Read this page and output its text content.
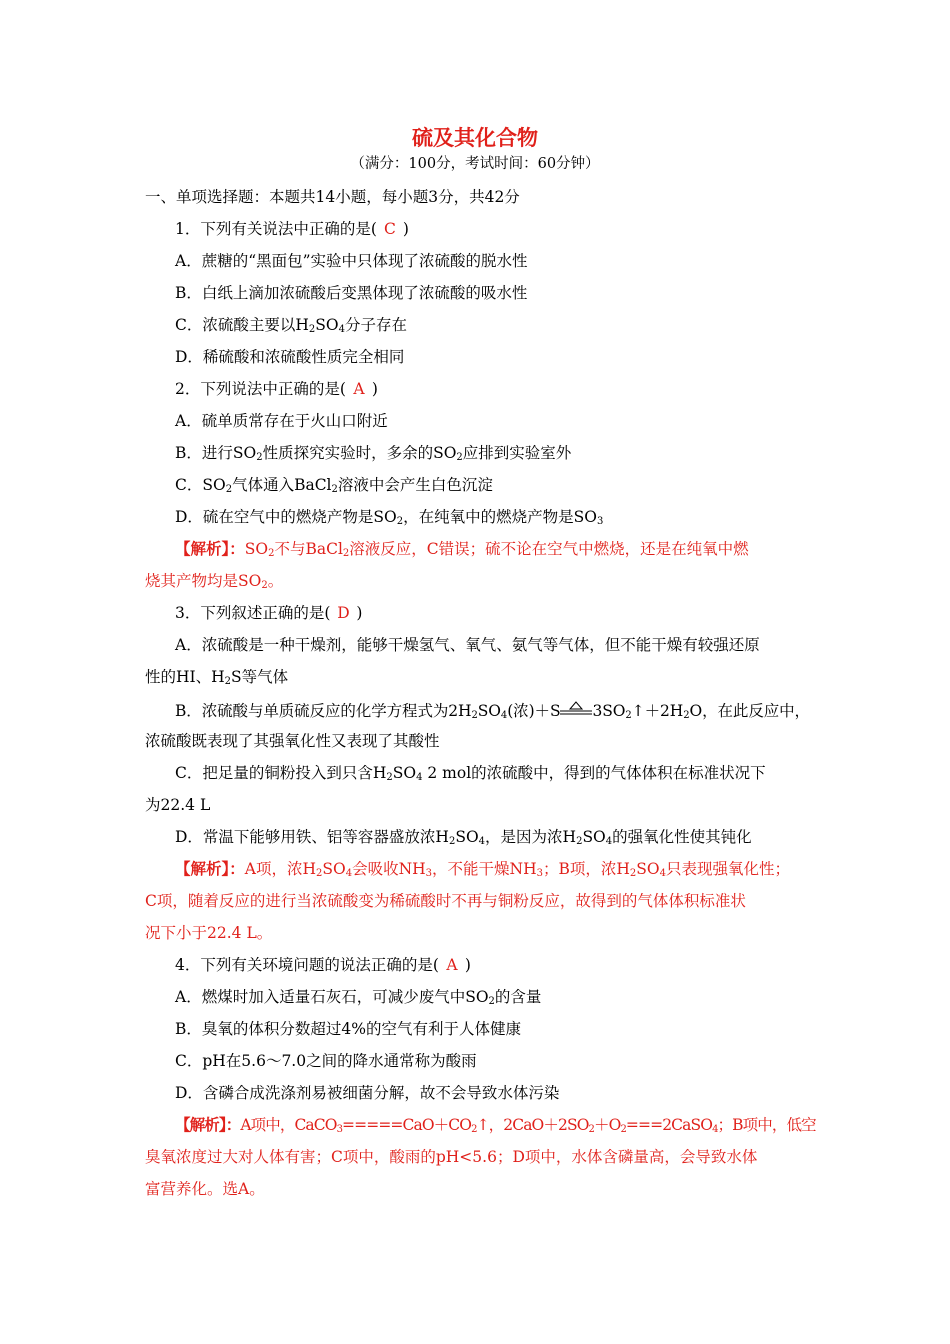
硫及其化合物
（满分：100分，考试时间：60分钟）
一、单项选择题：本题共14小题，每小题3分，共42分
1．下列有关说法中正确的是( C )
A．蔗糖的“黑面包”实验中只体现了浓硫酸的脱水性
B．白纸上滴加浓硫酸后变黑体现了浓硫酸的吸水性
C．浓硫酸主要以$H_2SO_4$分子存在
D．稀硫酸和浓硫酸性质完全相同
2．下列说法中正确的是( A )
A．硫单质常存在于火山口附近
B．进行$SO_2$性质探究实验时，多余的$SO_2$应排到实验室外
C．$SO_2$气体通入BaCl$_2$溶液中会产生白色沉淀
D．硫在空气中的燃烧产物是$SO_2$，在纯氧中的燃烧产物是$SO_3$
【解析】：$SO_2$不与BaCl$_2$溶液反应，C错误；硫不论在空气中燃烧，还是在纯氧中燃
烧其产物均是$SO_2$。
3．下列叙述正确的是( D )
A．浓硫酸是一种干燥剂，能够干燥氢气、氧气、氨气等气体，但不能干燥有较强还原
性的HI、$H_2S$等气体
B．浓硫酸与单质硫反应的化学方程式为$2H_2SO_4$(浓)＋S $3SO_2↑+2H_2O$，在此反应中，
浓硫酸既表现了其强氧化性又表现了其酸性
C．把足量的铜粉投入到只含$H_2SO_4$ 2 mol的浓硫酸中，得到的气体体积在标准状况下
为22.4 L
D．常温下能够用铁、铝等容器盛放浓$H_2SO_4$，是因为浓$H_2SO_4$的强氧化性使其钝化
【解析】：A项，浓$H_2SO_4$会吸收$NH_3$，不能干燥$NH_3$；B项，浓$H_2SO_4$只表现强氧化性；
C项，随着反应的进行当浓硫酸变为稀硫酸时不再与铜粉反应，故得到的气体体积标准状
况下小于22.4 L。
4．下列有关环境问题的说法正确的是( A )
A．燃煤时加入适量石灰石，可减少废气中$SO_2$的含量
B．臭氧的体积分数超过4%的空气有利于人体健康
C．pH在5.6～7.0之间的降水通常称为酸雨
D．含磷合成洗涤剂易被细菌分解，故不会导致水体污染
【解析】：A项中，$CaCO_3=====CaO+CO_2↑$，$2CaO+2SO_2+O_2===2CaSO_4$；B项中，低空
臭氧浓度过大对人体有害；C项中，酸雨的pH<5.6；D项中，水体含磷量高，会导致水体
富营养化。选A。
